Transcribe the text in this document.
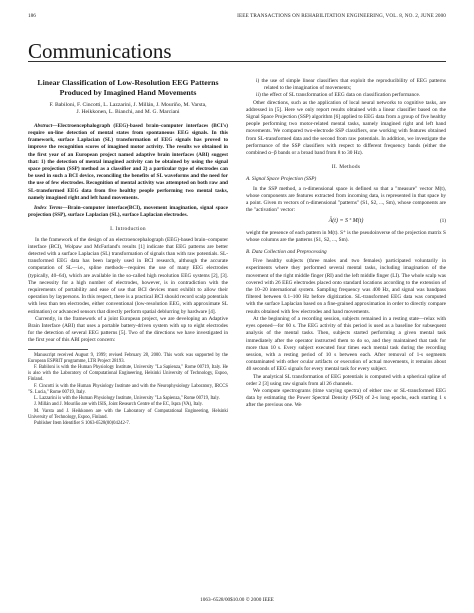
186	IEEE TRANSACTIONS ON REHABILITATION ENGINEERING, VOL. 8, NO. 2, JUNE 2000
Communications
Linear Classification of Low-Resolution EEG Patterns Produced by Imagined Hand Movements
F. Babiloni, F. Cincotti, L. Lazzarini, J. Millán, J. Mouriño, M. Varsta,
J. Heikkonen, L. Bianchi, and M. G. Marciani

Abstract—Electroencephalograph (EEG)-based brain–computer interfaces (BCI's) require on-line detection of mental states from spontaneous EEG signals. In this framework, surface Laplacian (SL) transformation of EEG signals has proved to improve the recognition scores of imagined motor activity. The results we obtained in the first year of an European project named adaptive brain interfaces (ABI) suggest that: 1) the detection of mental imagined activity can be obtained by using the signal space projection (SSP) method as a classifier and 2) a particular type of electrodes can be used in such a BCI device, reconciling the benefits of SL waveforms and the need for the use of few electrodes. Recognition of mental activity was attempted on both raw and SL-transformed EEG data from five healthy people performing two mental tasks, namely imagined right and left hand movements.

Index Terms—Brain–computer interface(BCI), movement imagination, signal space projection (SSP), surface Laplacian (SL), surface Laplacian electrodes.

I. Introduction

In the framework of the design of an electroencephalograph (EEG)-based brain–computer interface (BCI), Wolpaw and McFarland's results [1] indicate that EEG patterns are better detected with a surface Laplacian (SL) transformation of signals than with raw potentials. SL-transformed EEG data has been largely used in BCI research, although the accurate computation of SL—i.e., spline methods—requires the use of many EEG electrodes (typically, 40–64), which are available in the so-called high resolution EEG systems [2], [3]. The necessity for a high number of electrodes, however, is in contradiction with the requirements of portability and ease of use that BCI devices must exhibit to allow their operation by laypersons. In this respect, there is a practical BCI should record scalp potentials with less than ten electrodes, either conventional (low-resolution EEG, with approximate SL estimation) or advanced sensors that directly perform spatial deblurring by hardware [4].

Currently, in the framework of a joint European project, we are developing an Adaptive Brain Interface (ABI) that uses a portable battery-driven system with up to eight electrodes for the detection of several EEG patterns [5]. Two of the directions we have investigated in the first year of this ABI project concern:

Manuscript received August 9, 1999; revised February 28, 2000. This work was supported by the European ESPRIT programme, LTR Project 28193.

F. Babiloni is with the Human Physiology Institute, University "La Sapienza," Rome 00719, Italy. He is also with the Laboratory of Computational Engineering, Helsinki University of Technology, Espoo, Finland.

F. Cincotti is with the Human Physiology Institute and with the Neurophysiology Laboratory, IRCCS "S. Lucia," Rome 00719, Italy.

L. Lazzarini is with the Human Physiology Institute, University "La Sapienza," Rome 00719, Italy.

J. Millán and J. Mouriño are with ISIS, Joint Research Centre of the EC, Ispra (VA), Italy.

M. Varsta and J. Heikkonen are with the Laboratory of Computational Engineering, Helsinki University of Technology, Espoo, Finland.

Publisher Item Identifier S 1063-6528(00)04242-7.

i) the use of simple linear classifiers that exploit the reproducibility of EEG patterns related to the imagination of movements;

ii) the effect of SL transformation of EEG data on classification performance.

Other directions, such as the application of local neural networks to cognitive tasks, are addressed in [5]. Here we only report results obtained with a linear classifier based on the Signal Space Projection (SSP) algorithm [6] applied to EEG data from a group of five healthy people performing two motor-related mental tasks, namely imagined right and left hand movements. We compared two-electrode SSP classifiers, one working with features obtained from SL-transformed data and the second from raw potentials. In addition, we investigate the performance of the SSP classifiers with respect to different frequency bands (either the combined α−β bands or a broad band from 8 to 30 Hz).

II. Methods
A. Signal Space Projection (SSP)

In the SSP method, a n-dimensional space is defined so that a "measure" vector M(t), whose components are features extracted from incoming data, is represented in that space by a point. Given m vectors of n-dimensional "patterns" (S1, S2, ..., Sm), whose components are the "activation" vector:

Â(t) = S⁺ M(t)	(1)

weight the presence of each pattern in M(t). S⁺ is the pseudoinverse of the projection matrix S whose columns are the patterns (S1, S2, ..., Sm).

B. Data Collection and Preprocessing

Five healthy subjects (three males and two females) participated voluntarily in experiments where they performed several mental tasks, including imagination of the movement of the right middle finger (RI) and the left middle finger (LI). The whole scalp was covered with 26 EEG electrodes placed onto standard locations according to the extension of the 10–20 international system. Sampling frequency was 400 Hz, and signal was bandpass filtered between 0.1–100 Hz before digitization. SL-transformed EEG data was computed with the surface Laplacian based on a fine-grained approximation in order to directly compare results obtained with few electrodes and hand movements.

At the beginning of a recording session, subjects remained in a resting state—relax with eyes opened—for 60 s. The EEG activity of this period is used as a baseline for subsequent analysis of the mental tasks. Then, subjects started performing a given mental task immediately after the operator instructed them to do so, and they maintained that task for more than 10 s. Every subject executed four times each mental task during the recording session, with a resting period of 10 s between each. After removal of 1-s segments contaminated with other ocular artifacts or execution of actual movements, it remains about 40 seconds of EEG signals for every mental task for every subject.

The analytical SL transformation of EEG potentials is computed with a spherical spline of order 2 [3] using raw signals from all 26 channels.

We compute spectrograms (time varying spectra) of either raw or SL-transformed EEG data by estimating the Power Spectral Density (PSD) of 2-s long epochs, each starting 1 s after the previous one. We

1063–6528/00$10.00 © 2000 IEEE
